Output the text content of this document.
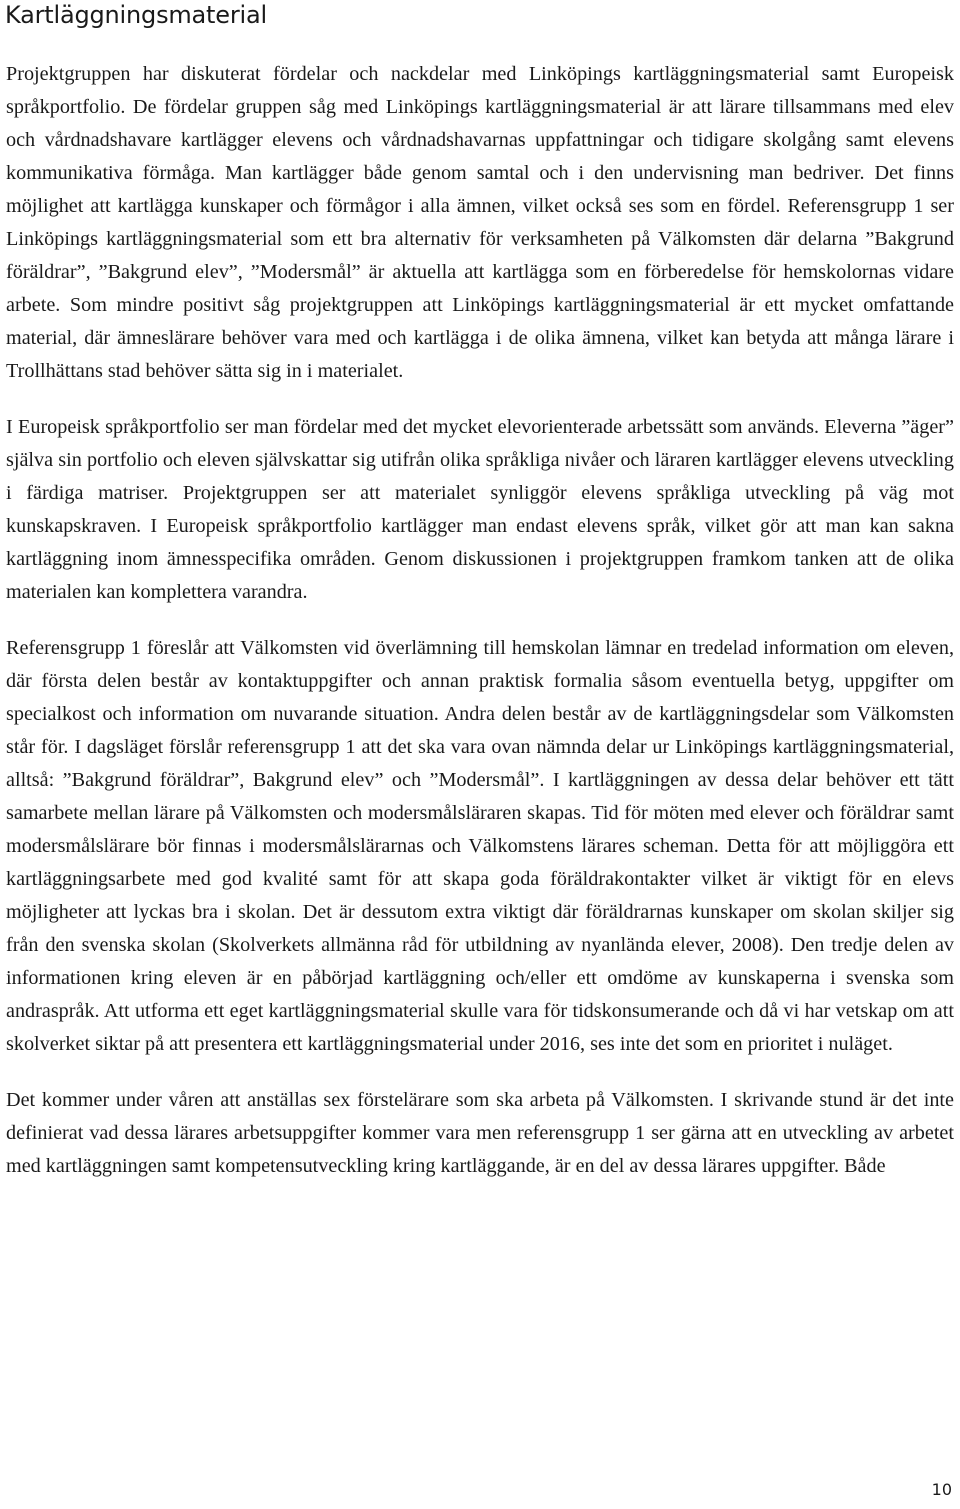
Kartläggningsmaterial

Projektgruppen har diskuterat fördelar och nackdelar med Linköpings kartläggningsmaterial samt Europeisk språkportfolio. De fördelar gruppen såg med Linköpings kartläggningsmaterial är att lärare tillsammans med elev och vårdnadshavare kartlägger elevens och vårdnadshavarnas uppfattningar och tidigare skolgång samt elevens kommunikativa förmåga. Man kartlägger både genom samtal och i den undervisning man bedriver. Det finns möjlighet att kartlägga kunskaper och förmågor i alla ämnen, vilket också ses som en fördel. Referensgrupp 1 ser Linköpings kartläggningsmaterial som ett bra alternativ för verksamheten på Välkomsten där delarna ”Bakgrund föräldrar”, ”Bakgrund elev”, ”Modersmål” är aktuella att kartlägga som en förberedelse för hemskolornas vidare arbete. Som mindre positivt såg projektgruppen att Linköpings kartläggningsmaterial är ett mycket omfattande material, där ämneslärare behöver vara med och kartlägga i de olika ämnena, vilket kan betyda att många lärare i Trollhättans stad behöver sätta sig in i materialet.

I Europeisk språkportfolio ser man fördelar med det mycket elevorienterade arbetssätt som används. Eleverna ”äger” själva sin portfolio och eleven självskattar sig utifrån olika språkliga nivåer och läraren kartlägger elevens utveckling i färdiga matriser. Projektgruppen ser att materialet synliggör elevens språkliga utveckling på väg mot kunskapskraven. I Europeisk språkportfolio kartlägger man endast elevens språk, vilket gör att man kan sakna kartläggning inom ämnesspecifika områden. Genom diskussionen i projektgruppen framkom tanken att de olika materialen kan komplettera varandra.

Referensgrupp 1 föreslår att Välkomsten vid överlämning till hemskolan lämnar en tredelad information om eleven, där första delen består av kontaktuppgifter och annan praktisk formalia såsom eventuella betyg, uppgifter om specialkost och information om nuvarande situation. Andra delen består av de kartläggningsdelar som Välkomsten står för. I dagsläget förslår referensgrupp 1 att det ska vara ovan nämnda delar ur Linköpings kartläggningsmaterial, alltså: ”Bakgrund föräldrar”, Bakgrund elev” och ”Modersmål”. I kartläggningen av dessa delar behöver ett tätt samarbete mellan lärare på Välkomsten och modersmålsläraren skapas. Tid för möten med elever och föräldrar samt modersmålslärare bör finnas i modersmålslärarnas och Välkomstens lärares scheman. Detta för att möjliggöra ett kartläggningsarbete med god kvalité samt för att skapa goda föräldrakontakter vilket är viktigt för en elevs möjligheter att lyckas bra i skolan. Det är dessutom extra viktigt där föräldrarnas kunskaper om skolan skiljer sig från den svenska skolan (Skolverkets allmänna råd för utbildning av nyanlända elever, 2008). Den tredje delen av informationen kring eleven är en påbörjad kartläggning och/eller ett omdöme av kunskaperna i svenska som andraspråk. Att utforma ett eget kartläggningsmaterial skulle vara för tidskonsumerande och då vi har vetskap om att skolverket siktar på att presentera ett kartläggningsmaterial under 2016, ses inte det som en prioritet i nuläget.

Det kommer under våren att anställas sex förstelärare som ska arbeta på Välkomsten. I skrivande stund är det inte definierat vad dessa lärares arbetsuppgifter kommer vara men referensgrupp 1 ser gärna att en utveckling av arbetet med kartläggningen samt kompetensutveckling kring kartläggande, är en del av dessa lärares uppgifter. Både

10
